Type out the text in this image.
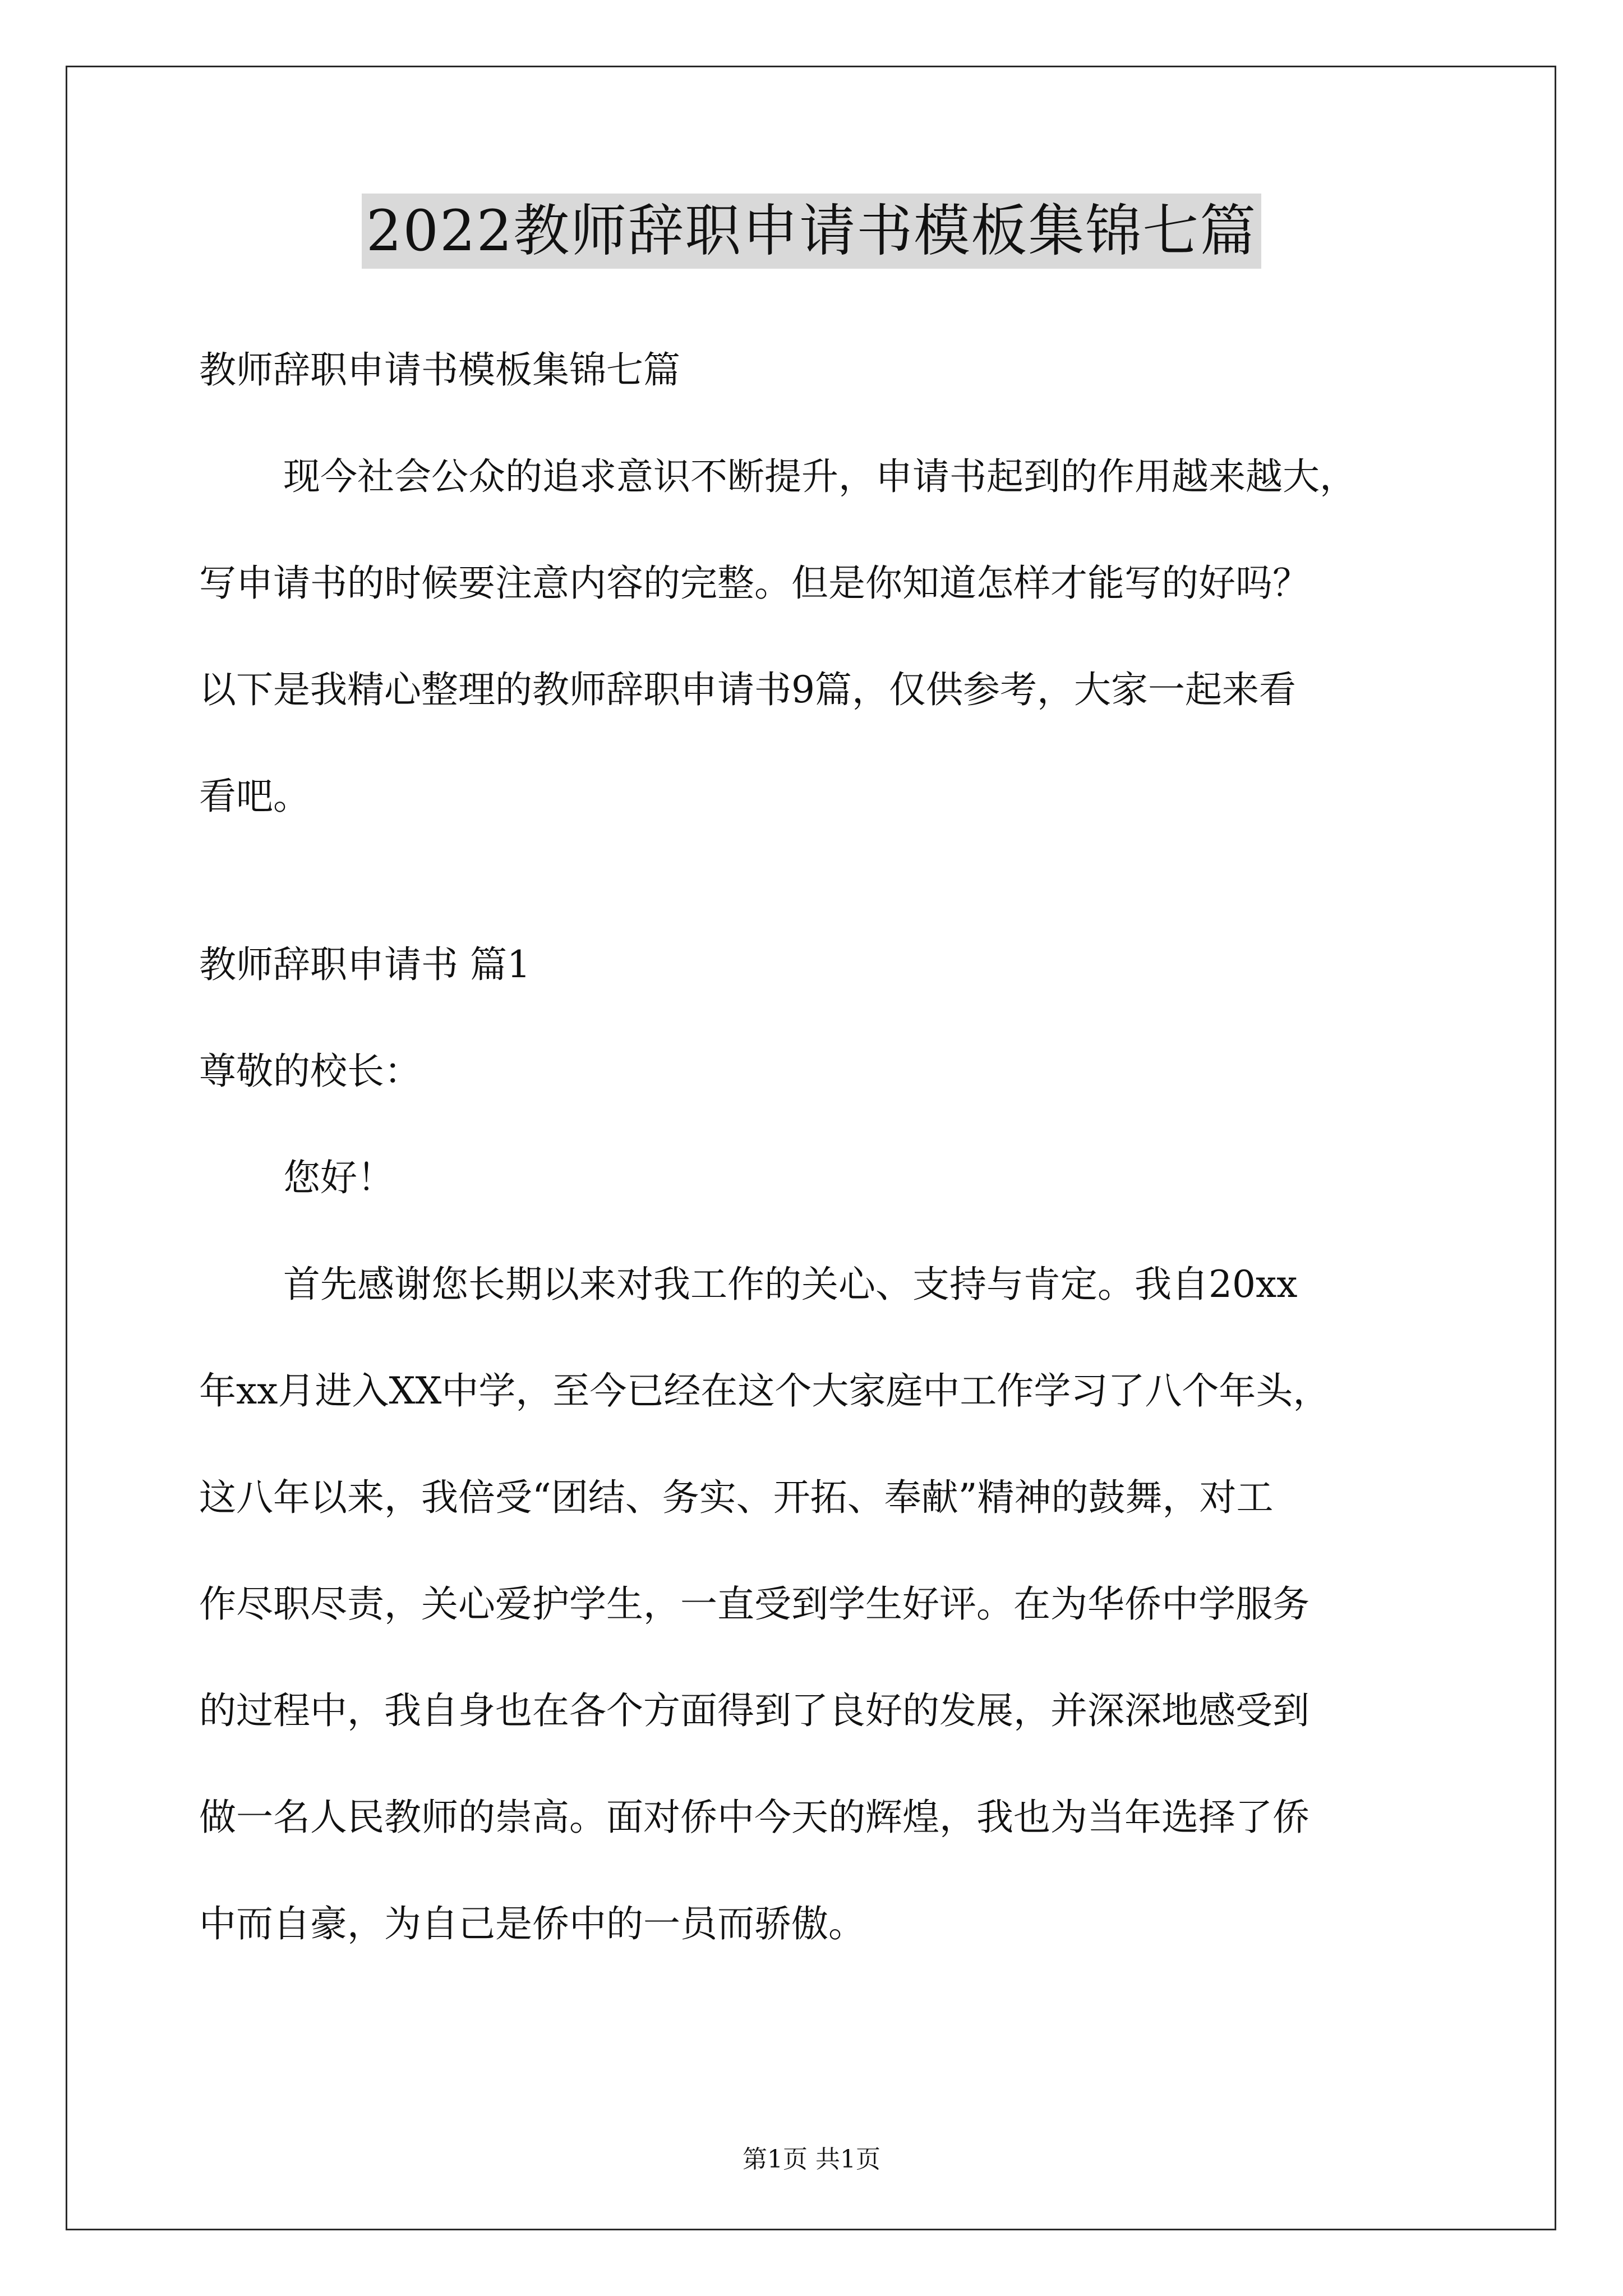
2022教师辞职申请书模板集锦七篇
教师辞职申请书模板集锦七篇
现今社会公众的追求意识不断提升，申请书起到的作用越来越大，
写申请书的时候要注意内容的完整。但是你知道怎样才能写的好吗？
以下是我精心整理的教师辞职申请书9篇，仅供参考，大家一起来看
看吧。
教师辞职申请书 篇1
尊敬的校长：
您好！
首先感谢您长期以来对我工作的关心、支持与肯定。我自20xx
年xx月进入XX中学，至今已经在这个大家庭中工作学习了八个年头，
这八年以来，我倍受“团结、务实、开拓、奉献”精神的鼓舞，对工
作尽职尽责，关心爱护学生，一直受到学生好评。在为华侨中学服务
的过程中，我自身也在各个方面得到了良好的发展，并深深地感受到
做一名人民教师的崇高。面对侨中今天的辉煌，我也为当年选择了侨
中而自豪，为自己是侨中的一员而骄傲。
第1页 共1页
